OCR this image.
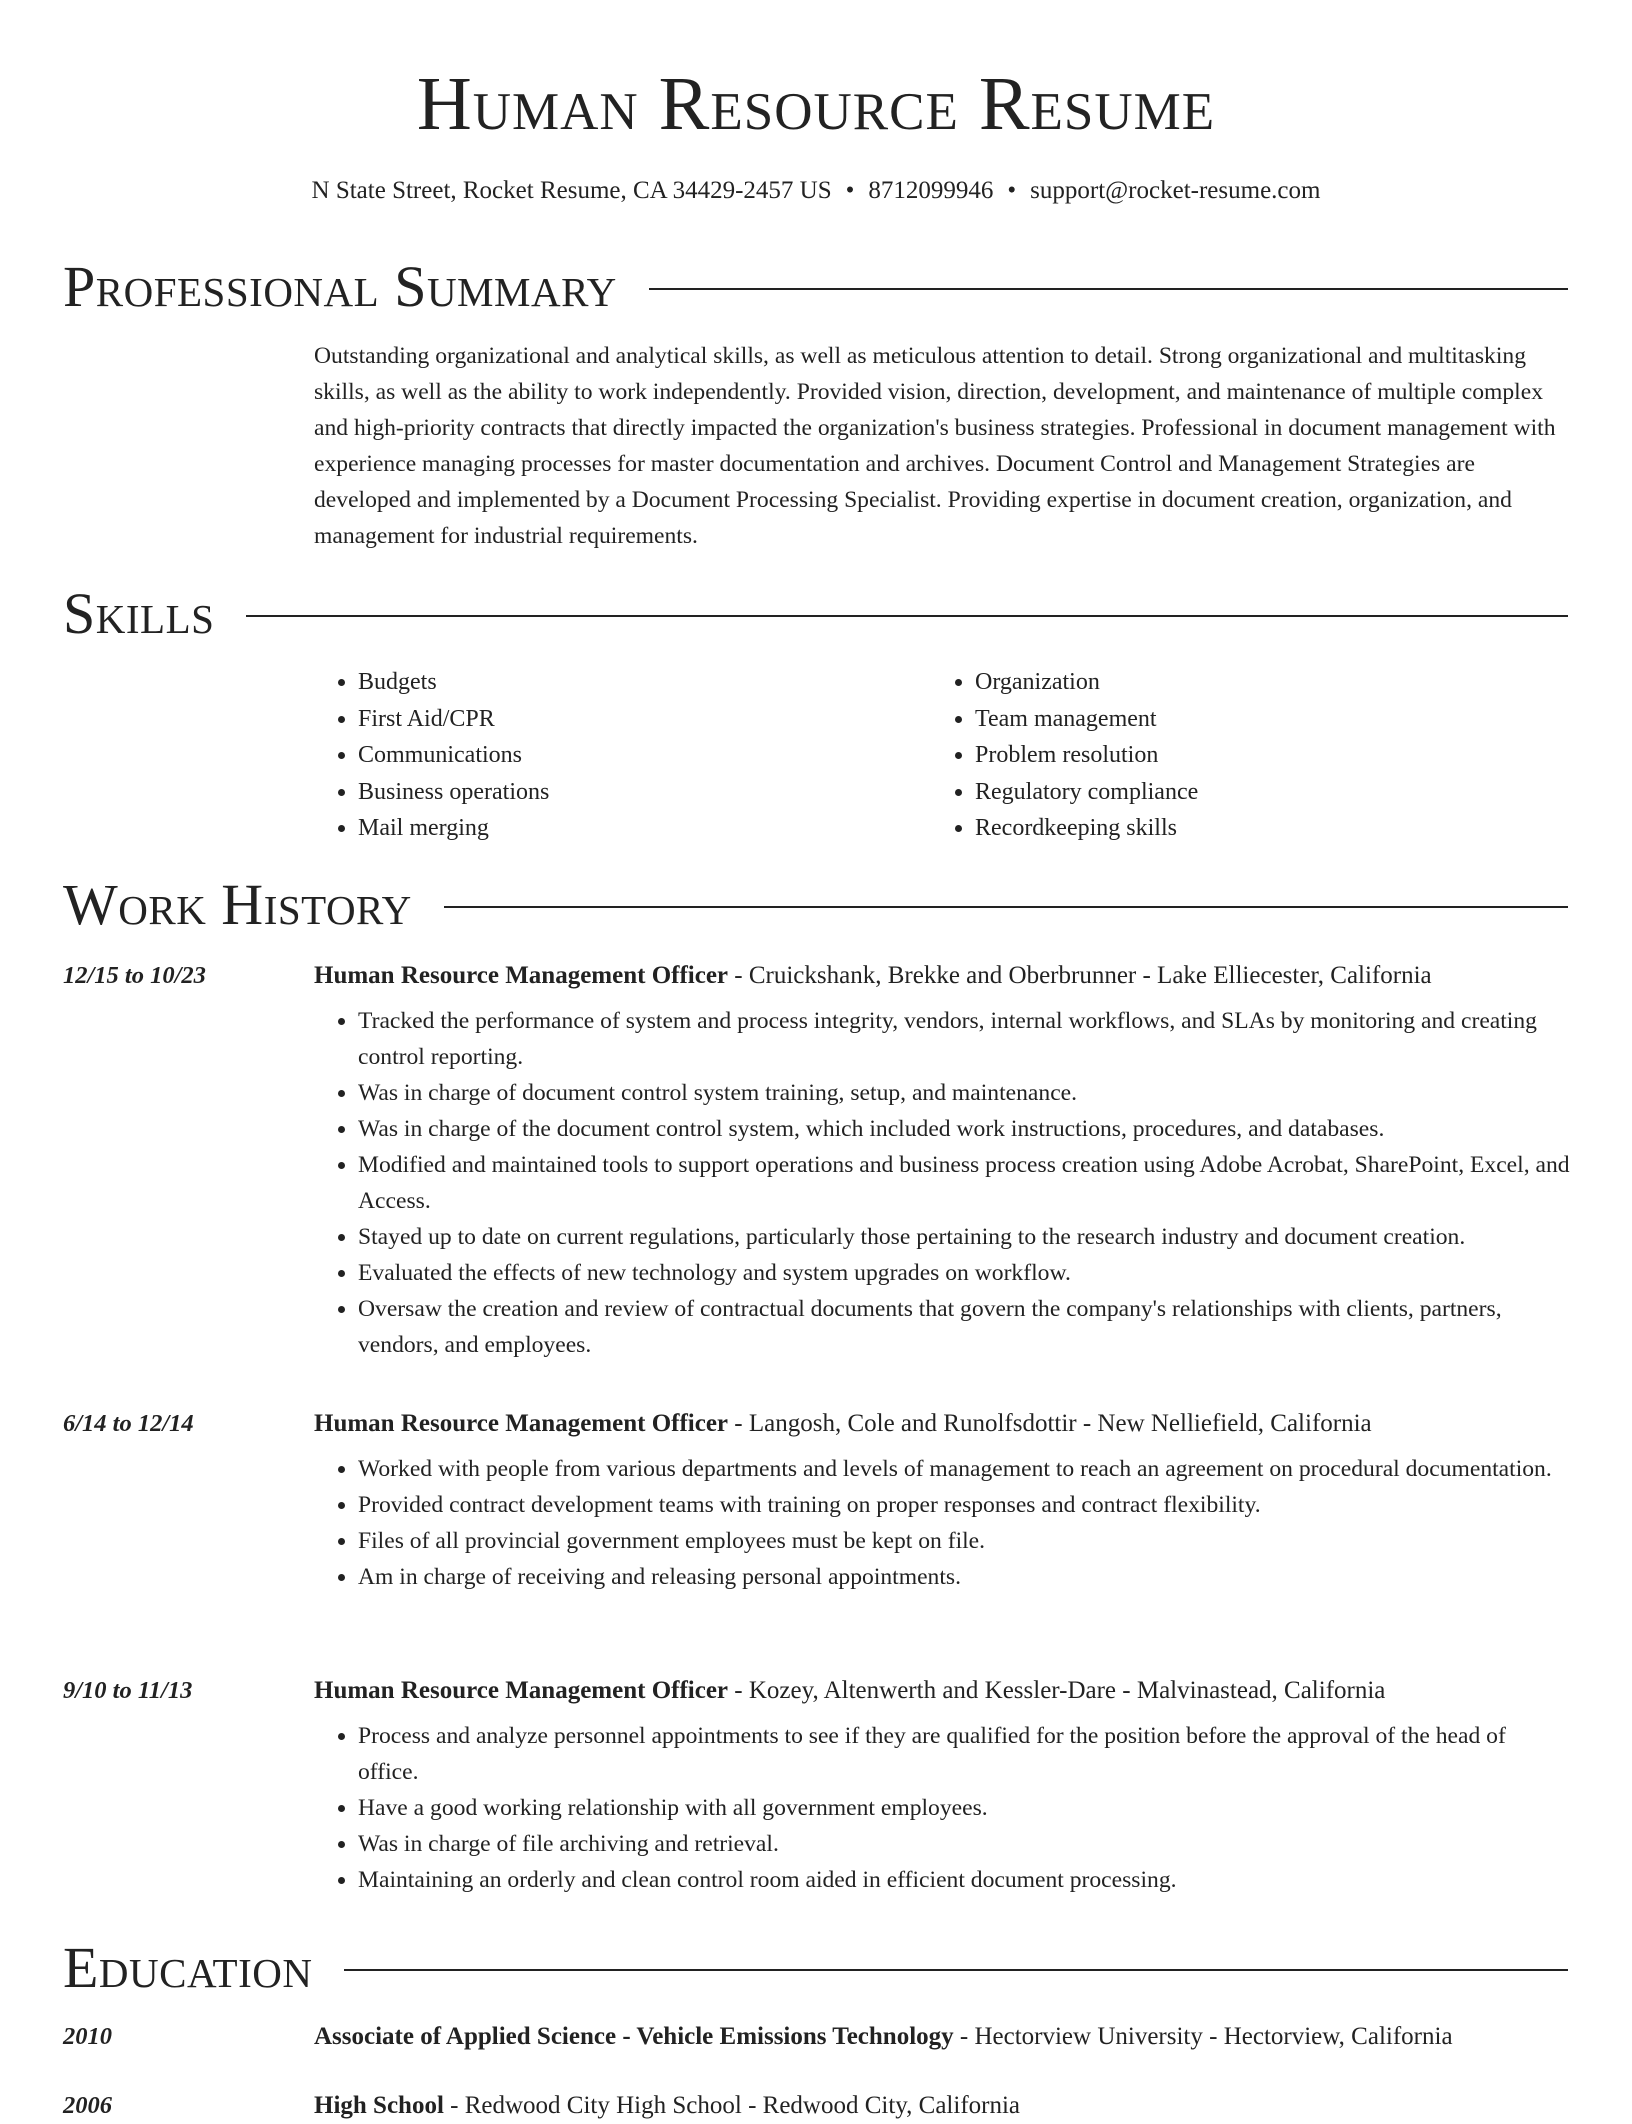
Human Resource Resume
N State Street, Rocket Resume, CA 34429-2457 US • 8712099946 • support@rocket-resume.com
Professional Summary

Outstanding organizational and analytical skills, as well as meticulous attention to detail. Strong organizational and multitasking skills, as well as the ability to work independently. Provided vision, direction, development, and maintenance of multiple complex and high-priority contracts that directly impacted the organization's business strategies. Professional in document management with experience managing processes for master documentation and archives. Document Control and Management Strategies are developed and implemented by a Document Processing Specialist. Providing expertise in document creation, organization, and management for industrial requirements.

Skills
• Budgets
• First Aid/CPR
• Communications
• Business operations
• Mail merging
• Organization
• Team management
• Problem resolution
• Regulatory compliance
• Recordkeeping skills
Work History
12/15 to 10/23	Human Resource Management Officer - Cruickshank, Brekke and Oberbrunner - Lake Elliecester, California
• Tracked the performance of system and process integrity, vendors, internal workflows, and SLAs by monitoring and creating control reporting.
• Was in charge of document control system training, setup, and maintenance.
• Was in charge of the document control system, which included work instructions, procedures, and databases.
• Modified and maintained tools to support operations and business process creation using Adobe Acrobat, SharePoint, Excel, and Access.
• Stayed up to date on current regulations, particularly those pertaining to the research industry and document creation.
• Evaluated the effects of new technology and system upgrades on workflow.
• Oversaw the creation and review of contractual documents that govern the company's relationships with clients, partners, vendors, and employees.
6/14 to 12/14	Human Resource Management Officer - Langosh, Cole and Runolfsdottir - New Nelliefield, California
• Worked with people from various departments and levels of management to reach an agreement on procedural documentation.
• Provided contract development teams with training on proper responses and contract flexibility.
• Files of all provincial government employees must be kept on file.
• Am in charge of receiving and releasing personal appointments.
9/10 to 11/13	Human Resource Management Officer - Kozey, Altenwerth and Kessler-Dare - Malvinastead, California
• Process and analyze personnel appointments to see if they are qualified for the position before the approval of the head of office.
• Have a good working relationship with all government employees.
• Was in charge of file archiving and retrieval.
• Maintaining an orderly and clean control room aided in efficient document processing.
Education
2010	Associate of Applied Science - Vehicle Emissions Technology - Hectorview University - Hectorview, California
2006	High School - Redwood City High School - Redwood City, California
